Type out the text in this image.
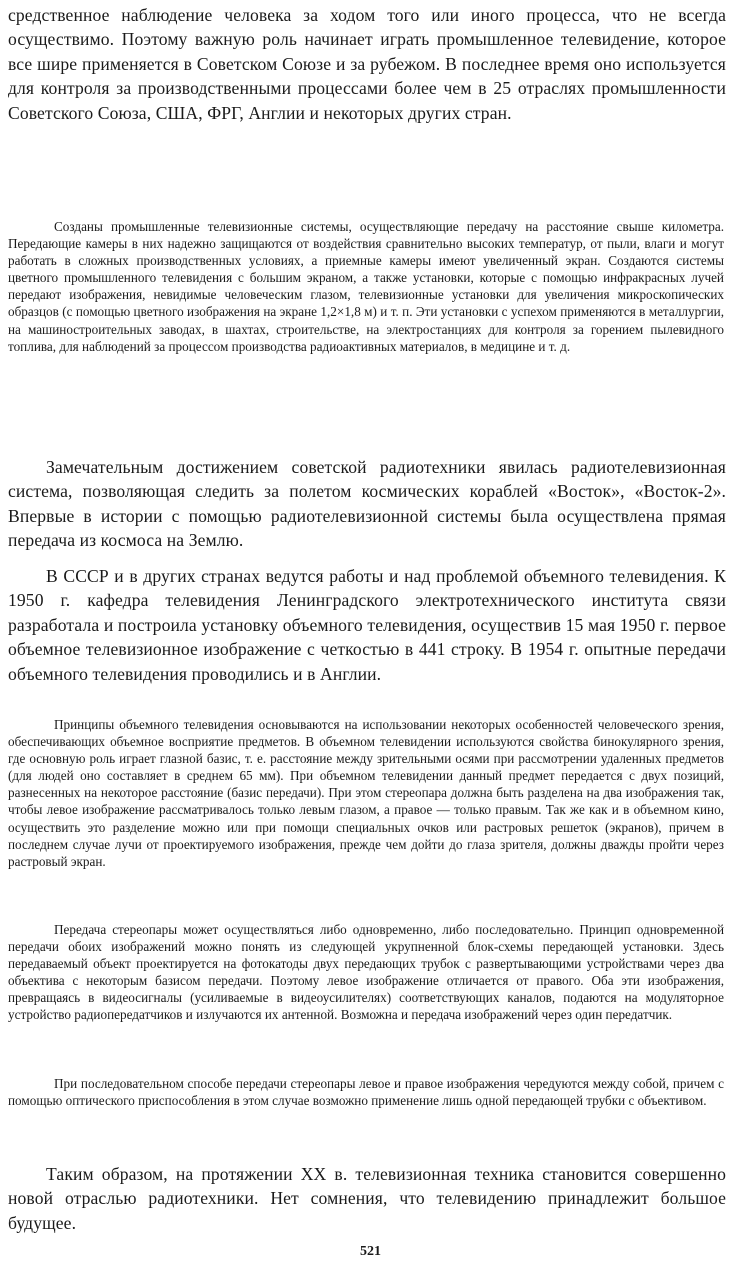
средственное наблюдение человека за ходом того или иного процесса, что не всегда осуществимо. Поэтому важную роль начинает играть промышленное телевидение, которое все шире применяется в Советском Союзе и за рубежом. В последнее время оно используется для контроля за производственными процессами более чем в 25 отраслях промышленности Советского Союза, США, ФРГ, Англии и некоторых других стран.

Созданы промышленные телевизионные системы, осуществляющие передачу на расстояние свыше километра. Передающие камеры в них надежно защищаются от воздействия сравнительно высоких температур, от пыли, влаги и могут работать в сложных производственных условиях, а приемные камеры имеют увеличенный экран. Создаются системы цветного промышленного телевидения с большим экраном, а также установки, которые с помощью инфракрасных лучей передают изображения, невидимые человеческим глазом, телевизионные установки для увеличения микроскопических образцов (с помощью цветного изображения на экране 1,2×1,8 м) и т. п. Эти установки с успехом применяются в металлургии, на машиностроительных заводах, в шахтах, строительстве, на электростанциях для контроля за горением пылевидного топлива, для наблюдений за процессом производства радиоактивных материалов, в медицине и т. д.

Замечательным достижением советской радиотехники явилась радиотелевизионная система, позволяющая следить за полетом космических кораблей «Восток», «Восток-2». Впервые в истории с помощью радиотелевизионной системы была осуществлена прямая передача из космоса на Землю.

В СССР и в других странах ведутся работы и над проблемой объемного телевидения. К 1950 г. кафедра телевидения Ленинградского электротехнического института связи разработала и построила установку объемного телевидения, осуществив 15 мая 1950 г. первое объемное телевизионное изображение с четкостью в 441 строку. В 1954 г. опытные передачи объемного телевидения проводились и в Англии.

Принципы объемного телевидения основываются на использовании некоторых особенностей человеческого зрения, обеспечивающих объемное восприятие предметов. В объемном телевидении используются свойства бинокулярного зрения, где основную роль играет глазной базис, т. е. расстояние между зрительными осями при рассмотрении удаленных предметов (для людей оно составляет в среднем 65 мм). При объемном телевидении данный предмет передается с двух позиций, разнесенных на некоторое расстояние (базис передачи). При этом стереопара должна быть разделена на два изображения так, чтобы левое изображение рассматривалось только левым глазом, а правое — только правым. Так же как и в объемном кино, осуществить это разделение можно или при помощи специальных очков или растровых решеток (экранов), причем в последнем случае лучи от проектируемого изображения, прежде чем дойти до глаза зрителя, должны дважды пройти через растровый экран.

Передача стереопары может осуществляться либо одновременно, либо последовательно. Принцип одновременной передачи обоих изображений можно понять из следующей укрупненной блок-схемы передающей установки. Здесь передаваемый объект проектируется на фотокатоды двух передающих трубок с развертывающими устройствами через два объектива с некоторым базисом передачи. Поэтому левое изображение отличается от правого. Оба эти изображения, превращаясь в видеосигналы (усиливаемые в видеоусилителях) соответствующих каналов, подаются на модуляторное устройство радиопередатчиков и излучаются их антенной. Возможна и передача изображений через один передатчик.

При последовательном способе передачи стереопары левое и правое изображения чередуются между собой, причем с помощью оптического приспособления в этом случае возможно применение лишь одной передающей трубки с объективом.

Таким образом, на протяжении XX в. телевизионная техника становится совершенно новой отраслью радиотехники. Нет сомнения, что телевидению принадлежит большое будущее.

521
